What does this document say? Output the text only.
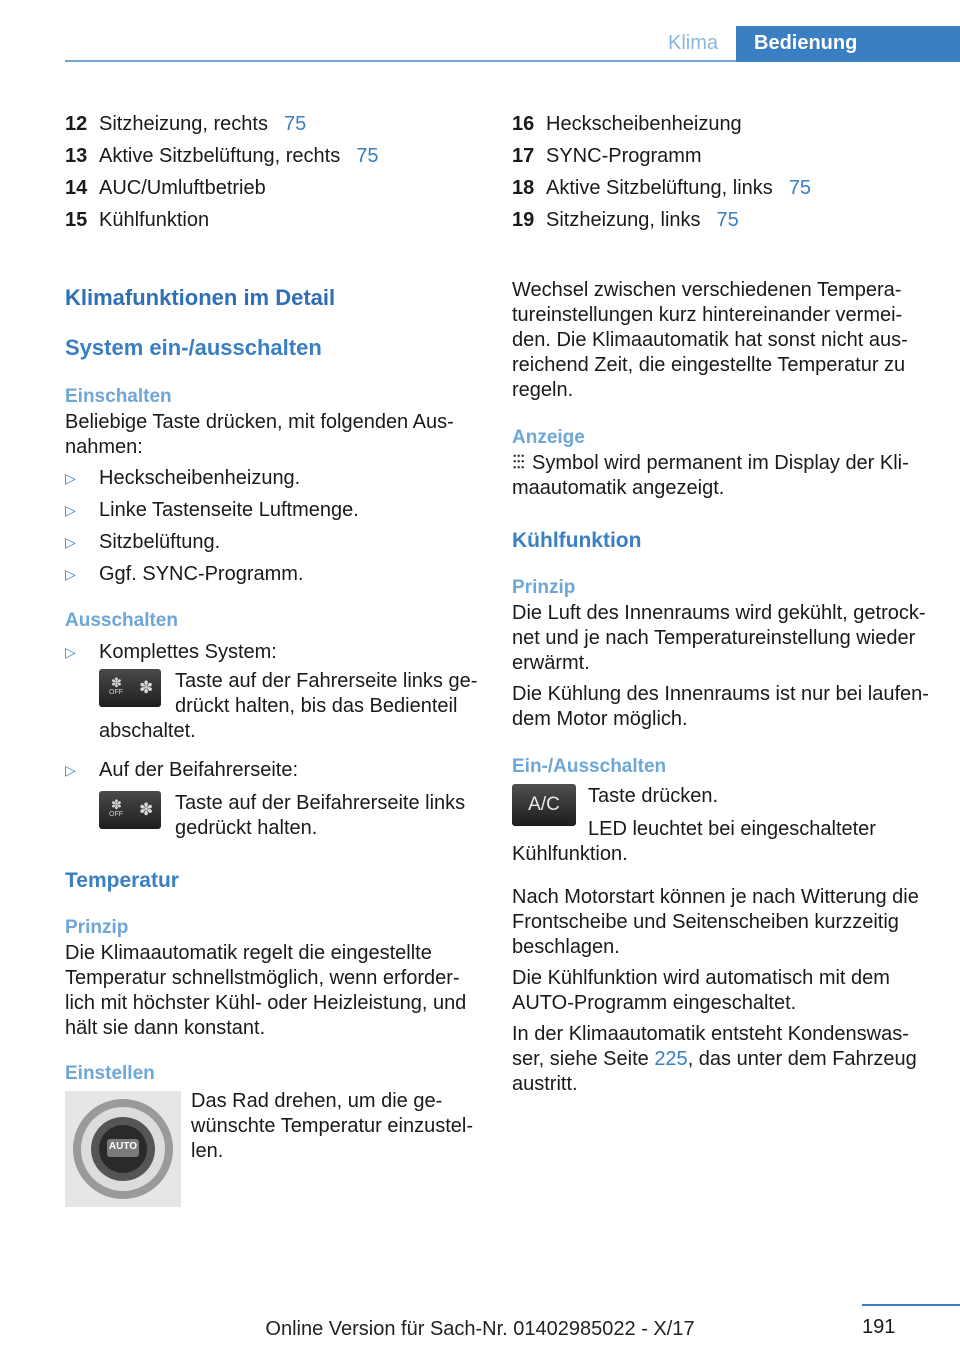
Klima	Bedienung
12 Sitzheizung, rechts 75
13 Aktive Sitzbelüftung, rechts 75
14 AUC/Umluftbetrieb
15 Kühlfunktion
Klimafunktionen im Detail
System ein-/ausschalten
Einschalten

Beliebige Taste drücken, mit folgenden Aus-nahmen:

▷	Heckscheibenheizung.
▷	Linke Tastenseite Luftmenge.
▷	Sitzbelüftung.
▷	Ggf. SYNC-Programm.
Ausschalten
▷	Komplettes System:
✽
OFF ✽ Taste auf der Fahrerseite links ge-drückt halten, bis das Bedienteil

abschaltet.

▷	Auf der Beifahrerseite:
✽
OFF ✽ Taste auf der Beifahrerseite links gedrückt halten.

Temperatur
Prinzip

Die Klimaautomatik regelt die eingestellte Temperatur schnellstmöglich, wenn erforder-lich mit höchster Kühl- oder Heizleistung, und hält sie dann konstant.

Einstellen
AUTO

Das Rad drehen, um die ge-wünschte Temperatur einzustel-len.

16 Heckscheibenheizung
17 SYNC-Programm
18 Aktive Sitzbelüftung, links 75
19 Sitzheizung, links 75

Wechsel zwischen verschiedenen Tempera-tureinstellungen kurz hintereinander vermei-den. Die Klimaautomatik hat sonst nicht aus-reichend Zeit, die eingestellte Temperatur zu regeln.

Anzeige

⫶⫶⫶ Symbol wird permanent im Display der Kli-maautomatik angezeigt.

Kühlfunktion
Prinzip

Die Luft des Innenraums wird gekühlt, getrock-net und je nach Temperatureinstellung wieder erwärmt.

Die Kühlung des Innenraums ist nur bei laufen-dem Motor möglich.

Ein-/Ausschalten
A/C	Taste drücken.

LED leuchtet bei eingeschalteter

Kühlfunktion.

Nach Motorstart können je nach Witterung die Frontscheibe und Seitenscheiben kurzzeitig beschlagen.

Die Kühlfunktion wird automatisch mit dem AUTO-Programm eingeschaltet.

In der Klimaautomatik entsteht Kondenswas-ser, siehe Seite 225, das unter dem Fahrzeug austritt.

191
Online Version für Sach-Nr. 01402985022 - X/17
